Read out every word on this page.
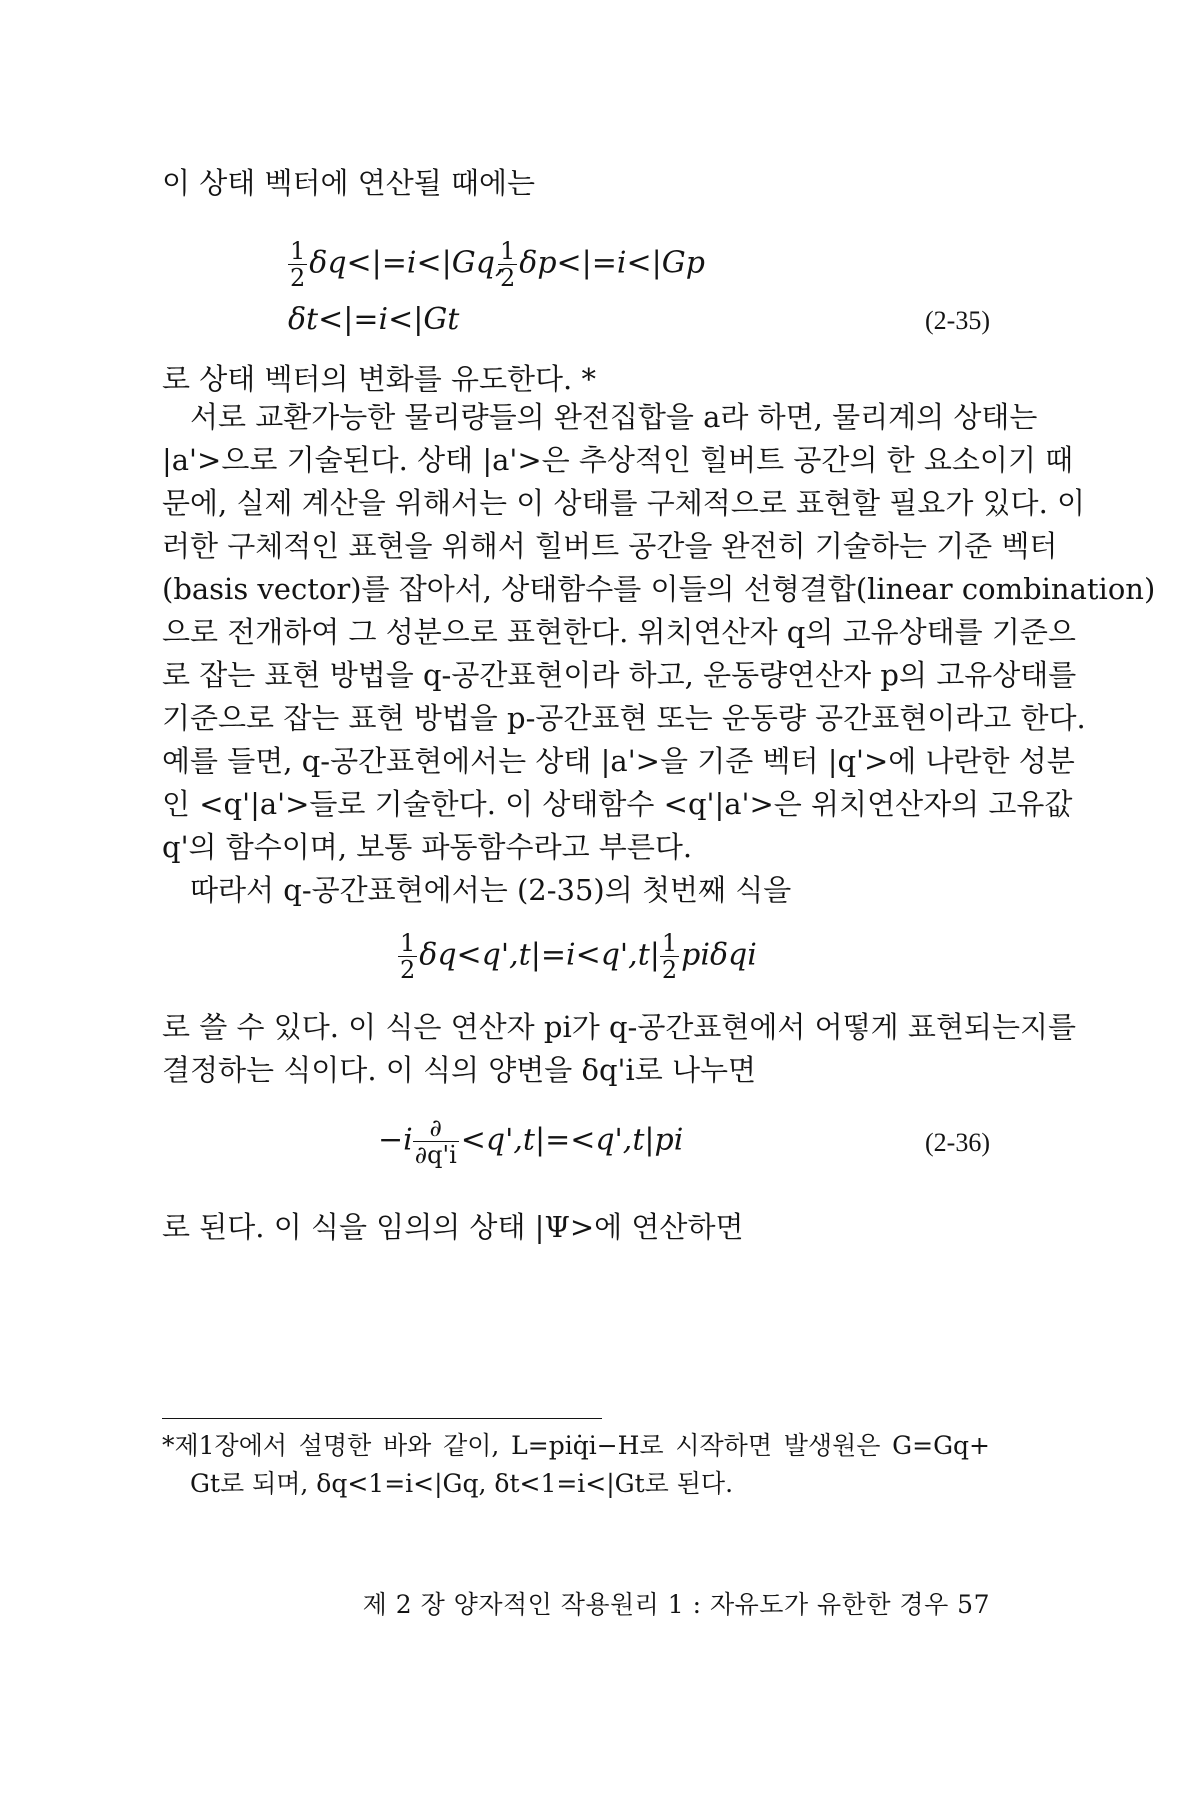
이 상태 벡터에 연산될 때에는
$\frac{1}{2} \delta q<|=i<|Gq$,
$\frac{1}{2} \delta p<|=i<|Gp$
δt<|=i<|Gt	(2-35)
로 상태 벡터의 변화를 유도한다. *
서로 교환가능한 물리량들의 완전집합을 a라 하면, 물리계의 상태는
|a'>으로 기술된다. 상태 |a'>은 추상적인 힐버트 공간의 한 요소이기 때
문에, 실제 계산을 위해서는 이 상태를 구체적으로 표현할 필요가 있다. 이
러한 구체적인 표현을 위해서 힐버트 공간을 완전히 기술하는 기준 벡터
(basis vector)를 잡아서, 상태함수를 이들의 선형결합(linear combination)
으로 전개하여 그 성분으로 표현한다. 위치연산자 q의 고유상태를 기준으
로 잡는 표현 방법을 q-공간표현이라 하고, 운동량연산자 p의 고유상태를
기준으로 잡는 표현 방법을 p-공간표현 또는 운동량 공간표현이라고 한다.
예를 들면, q-공간표현에서는 상태 |a'>을 기준 벡터 |q'>에 나란한 성분
인 <q'|a'>들로 기술한다. 이 상태함수 <q'|a'>은 위치연산자의 고유값
q'의 함수이며, 보통 파동함수라고 부른다.
따라서 q-공간표현에서는 (2-35)의 첫번째 식을
$\frac{1}{2} \delta q<q',t|=i<q',t| \frac{1}{2}$ piδqi
로 쓸 수 있다. 이 식은 연산자 pi가 q-공간표현에서 어떻게 표현되는지를
결정하는 식이다. 이 식의 양변을 δq'i로 나누면
$-i \frac{\partial}{\partial q'i} <q',t|=<q',t|pi$	(2-36)
로 된다. 이 식을 임의의 상태 |Ψ>에 연산하면
*제1장에서 설명한 바와 같이, L=piq̇i−H로 시작하면 발생원은 G=Gq+
Gt로 되며, δq<1=i<|Gq, δt<1=i<|Gt로 된다.
제 2 장 양자적인 작용원리 1 : 자유도가 유한한 경우 57
